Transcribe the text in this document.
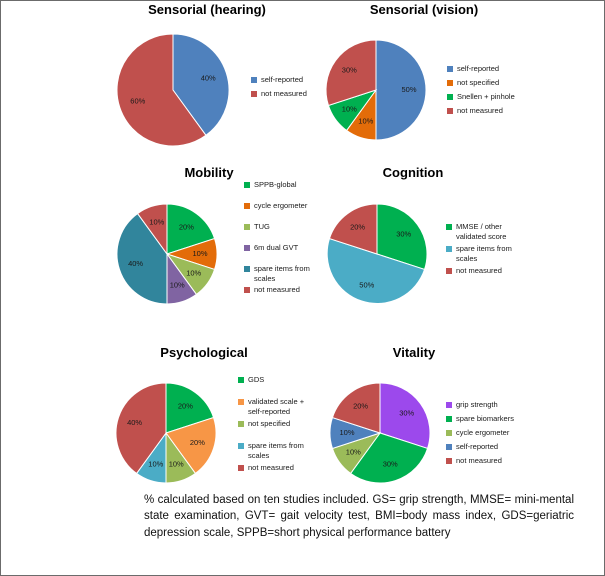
Sensorial (hearing)
40%
60%
self-reported
not measured
Sensorial (vision)
50%
10%
10%
30%	self-reported
not specified
Snellen + pinhole
not measured
Mobility
20%
10%
10%
10%
40%
10%
SPPB-global
cycle ergometer
TUG
6m dual GVT
spare items from scales
not measured
Cognition
30%
50%
20%	MMSE / other validated score
spare items from scales
not measured
Psychological
20%
20%
10%
10%
40%
GDS
validated scale + self-reported
not specified
spare items from scales
not measured
Vitality
30%
30%
10%
10%
20%	grip strength
spare biomarkers
cycle ergometer
self-reported
not measured

% calculated based on ten studies included. GS= grip strength, MMSE= mini-mental state examination, GVT= gait velocity test, BMI=body mass index, GDS=geriatric depression scale, SPPB=short physical performance battery
